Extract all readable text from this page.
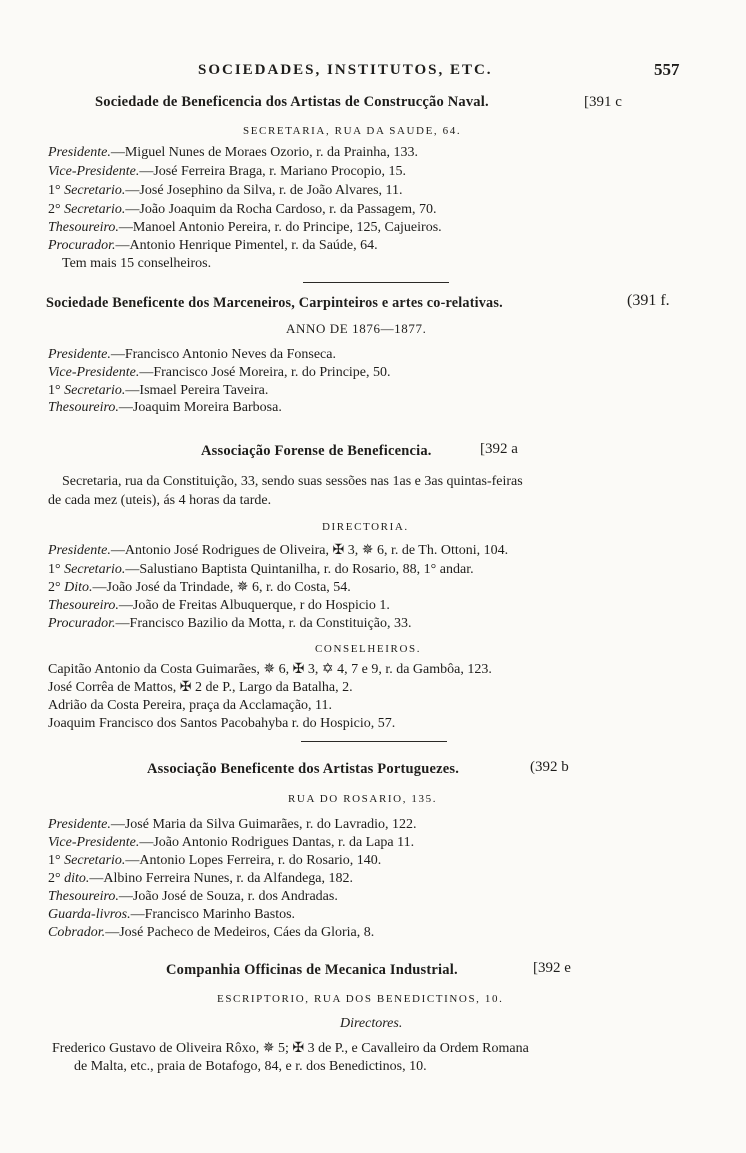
SOCIEDADES, INSTITUTOS, ETC.	557
Sociedade de Beneficencia dos Artistas de Construcção Naval.	[391 c
SECRETARIA, RUA DA SAUDE, 64.
Presidente.—Miguel Nunes de Moraes Ozorio, r. da Prainha, 133.
Vice-Presidente.—José Ferreira Braga, r. Mariano Procopio, 15.
1° Secretario.—José Josephino da Silva, r. de João Alvares, 11.
2° Secretario.—João Joaquim da Rocha Cardoso, r. da Passagem, 70.
Thesoureiro.—Manoel Antonio Pereira, r. do Principe, 125, Cajueiros.
Procurador.—Antonio Henrique Pimentel, r. da Saúde, 64.
Tem mais 15 conselheiros.
Sociedade Beneficente dos Marceneiros, Carpinteiros e artes co-relativas.	(391 f.
ANNO DE 1876—1877.
Presidente.—Francisco Antonio Neves da Fonseca.
Vice-Presidente.—Francisco José Moreira, r. do Principe, 50.
1° Secretario.—Ismael Pereira Taveira.
Thesoureiro.—Joaquim Moreira Barbosa.
Associação Forense de Beneficencia.	[392 a
Secretaria, rua da Constituição, 33, sendo suas sessões nas 1as e 3as quintas-feiras
de cada mez (uteis), ás 4 horas da tarde.
DIRECTORIA.
Presidente.—Antonio José Rodrigues de Oliveira, ✠ 3, ✵ 6, r. de Th. Ottoni, 104.
1° Secretario.—Salustiano Baptista Quintanilha, r. do Rosario, 88, 1° andar.
2° Dito.—João José da Trindade, ✵ 6, r. do Costa, 54.
Thesoureiro.—João de Freitas Albuquerque, r do Hospicio 1.
Procurador.—Francisco Bazilio da Motta, r. da Constituição, 33.
CONSELHEIROS.
Capitão Antonio da Costa Guimarães, ✵ 6, ✠ 3, ✡ 4, 7 e 9, r. da Gambôa, 123.
José Corrêa de Mattos, ✠ 2 de P., Largo da Batalha, 2.
Adrião da Costa Pereira, praça da Acclamação, 11.
Joaquim Francisco dos Santos Pacobahyba r. do Hospicio, 57.
Associação Beneficente dos Artistas Portuguezes.	(392 b
RUA DO ROSARIO, 135.
Presidente.—José Maria da Silva Guimarães, r. do Lavradio, 122.
Vice-Presidente.—João Antonio Rodrigues Dantas, r. da Lapa 11.
1° Secretario.—Antonio Lopes Ferreira, r. do Rosario, 140.
2° dito.—Albino Ferreira Nunes, r. da Alfandega, 182.
Thesoureiro.—João José de Souza, r. dos Andradas.
Guarda-livros.—Francisco Marinho Bastos.
Cobrador.—José Pacheco de Medeiros, Cáes da Gloria, 8.
Companhia Officinas de Mecanica Industrial.	[392 e
ESCRIPTORIO, RUA DOS BENEDICTINOS, 10.
Directores.
Frederico Gustavo de Oliveira Rôxo, ✵ 5; ✠ 3 de P., e Cavalleiro da Ordem Romana
de Malta, etc., praia de Botafogo, 84, e r. dos Benedictinos, 10.
